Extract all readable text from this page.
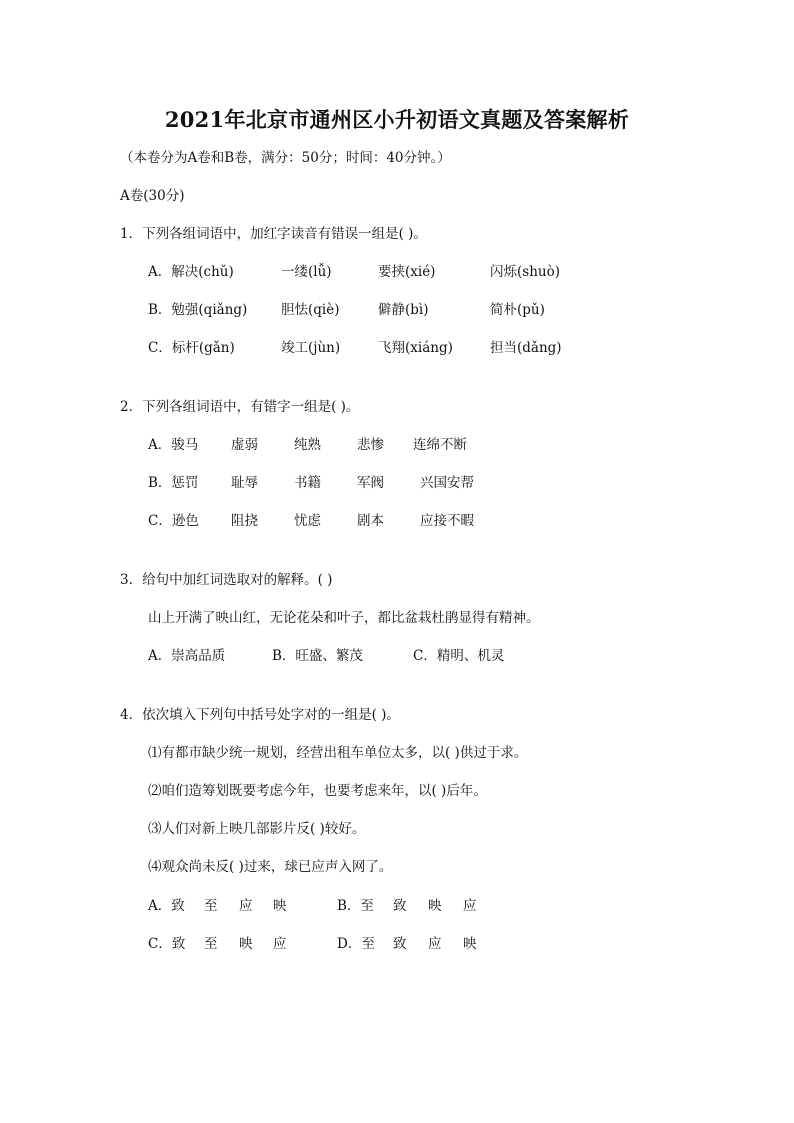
2021年北京市通州区小升初语文真题及答案解析
（本卷分为A卷和B卷，满分：50分；时间：40分钟。）
A卷(30分)
1．下列各组词语中，加红字读音有错误一组是( )。
A．解决(chǔ)	一缕(lǚ)	要挟(xié)	闪烁(shuò)
B．勉强(qiǎng) 胆怯(qiè)	僻静(bì)	简朴(pǔ)
C．标杆(gǎn)	竣工(jùn)	飞翔(xiáng)	担当(dǎng)
2．下列各组词语中，有错字一组是( )。
A．骏马 虚弱	纯熟	悲惨 连绵不断
B．惩罚 耻辱	书籍	军阀	兴国安帮
C．逊色 阻挠	忧虑	剧本	应接不暇
3．给句中加红词选取对的解释。( )
山上开满了映山红，无论花朵和叶子，都比盆栽杜鹃显得有精神。
A．崇高品质	B．旺盛、繁茂	C．精明、机灵
4．依次填入下列句中括号处字对的一组是( )。
⑴有都市缺少统一规划，经营出租车单位太多，以( )供过于求。
⑵咱们造筹划既要考虑今年，也要考虑来年，以( )后年。
⑶人们对新上映几部影片反( )较好。
⑷观众尚未反( )过来，球已应声入网了。
A．致 至 应 映	B．至 致 映 应
C．致 至 映 应	D．至 致 应 映
